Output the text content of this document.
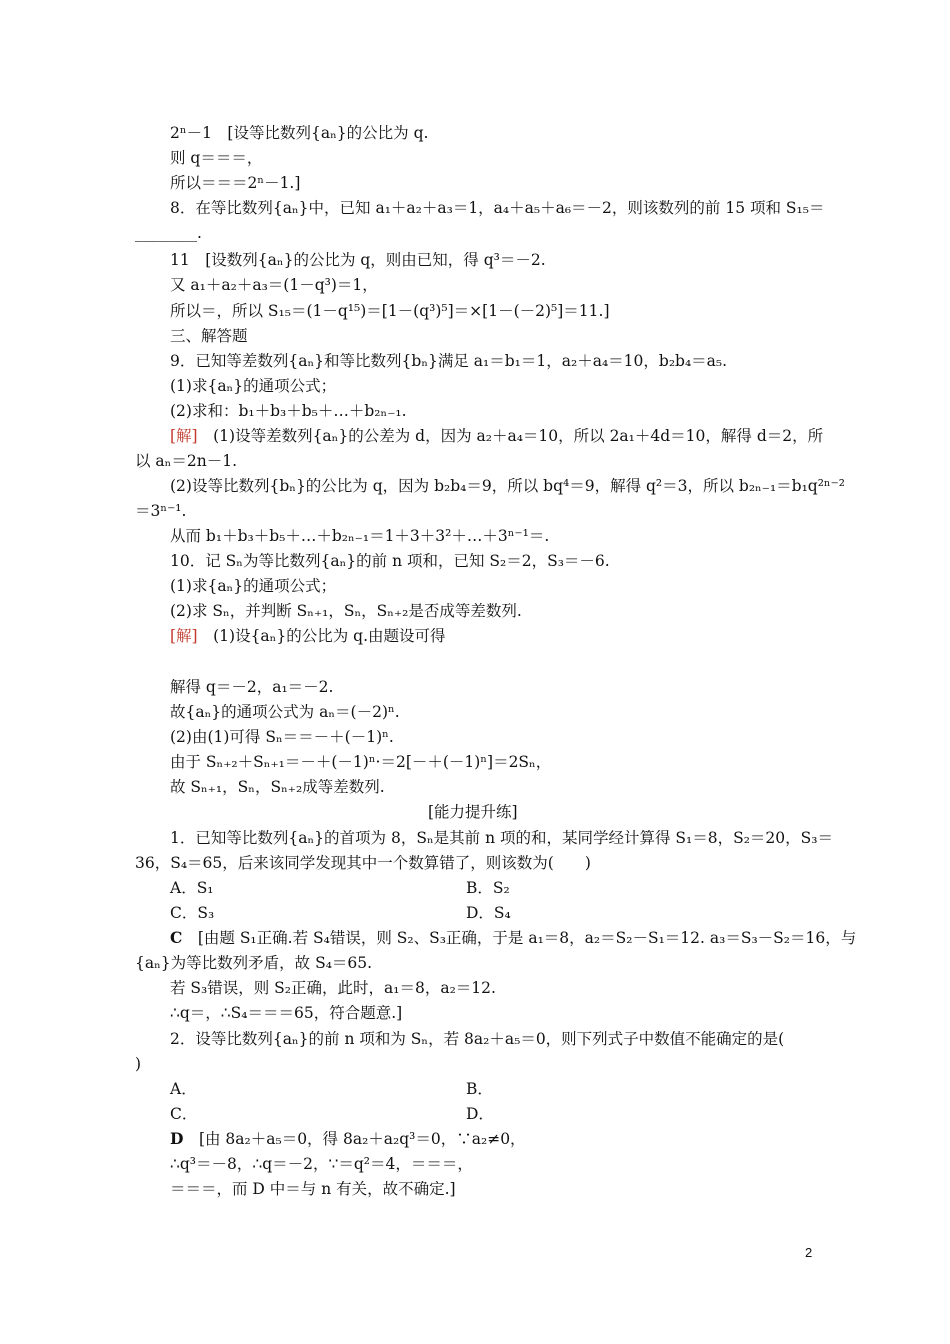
2ⁿ－1　[设等比数列{aₙ}的公比为 q.
则 q＝＝＝，
所以＝＝＝2ⁿ－1.]
8．在等比数列{aₙ}中，已知 a₁＋a₂＋a₃＝1，a₄＋a₅＋a₆＝－2，则该数列的前 15 项和 S₁₅＝
________.
11　[设数列{aₙ}的公比为 q，则由已知，得 q³＝－2.
又 a₁＋a₂＋a₃＝(1－q³)＝1，
所以＝，所以 S₁₅＝(1－q¹⁵)＝[1－(q³)⁵]＝×[1－(－2)⁵]＝11.]
三、解答题
9．已知等差数列{aₙ}和等比数列{bₙ}满足 a₁＝b₁＝1，a₂＋a₄＝10，b₂b₄＝a₅.
(1)求{aₙ}的通项公式；
(2)求和：b₁＋b₃＋b₅＋…＋b₂ₙ₋₁.
[解]　(1)设等差数列{aₙ}的公差为 d，因为 a₂＋a₄＝10，所以 2a₁＋4d＝10，解得 d＝2，所
以 aₙ＝2n－1.
(2)设等比数列{bₙ}的公比为 q，因为 b₂b₄＝9，所以 bq⁴＝9，解得 q²＝3，所以 b₂ₙ₋₁＝b₁q²ⁿ⁻²
＝3ⁿ⁻¹.
从而 b₁＋b₃＋b₅＋…＋b₂ₙ₋₁＝1＋3＋3²＋…＋3ⁿ⁻¹＝.
10．记 Sₙ为等比数列{aₙ}的前 n 项和，已知 S₂＝2，S₃＝－6.
(1)求{aₙ}的通项公式；
(2)求 Sₙ，并判断 Sₙ₊₁，Sₙ，Sₙ₊₂是否成等差数列.
[解]　(1)设{aₙ}的公比为 q.由题设可得
解得 q＝－2，a₁＝－2.
故{aₙ}的通项公式为 aₙ＝(－2)ⁿ.
(2)由(1)可得 Sₙ＝＝－＋(－1)ⁿ.
由于 Sₙ₊₂＋Sₙ₊₁＝－＋(－1)ⁿ·＝2[－＋(－1)ⁿ]＝2Sₙ，
故 Sₙ₊₁，Sₙ，Sₙ₊₂成等差数列.
[能力提升练]
1．已知等比数列{aₙ}的首项为 8，Sₙ是其前 n 项的和，某同学经计算得 S₁＝8，S₂＝20，S₃＝
36，S₄＝65，后来该同学发现其中一个数算错了，则该数为(　　)
A．S₁	B．S₂
C．S₃	D．S₄
C　[由题 S₁正确.若 S₄错误，则 S₂、S₃正确，于是 a₁＝8，a₂＝S₂－S₁＝12. a₃＝S₃－S₂＝16，与
{aₙ}为等比数列矛盾，故 S₄＝65.
若 S₃错误，则 S₂正确，此时，a₁＝8，a₂＝12.
∴q＝，∴S₄＝＝＝65，符合题意.]
2．设等比数列{aₙ}的前 n 项和为 Sₙ，若 8a₂＋a₅＝0，则下列式子中数值不能确定的是(
)
A．	B．
C．	D．
D　[由 8a₂＋a₅＝0，得 8a₂＋a₂q³＝0，∵a₂≠0，
∴q³＝－8，∴q＝－2，∵＝q²＝4，＝＝＝，
＝＝＝，而 D 中＝与 n 有关，故不确定.]
2
